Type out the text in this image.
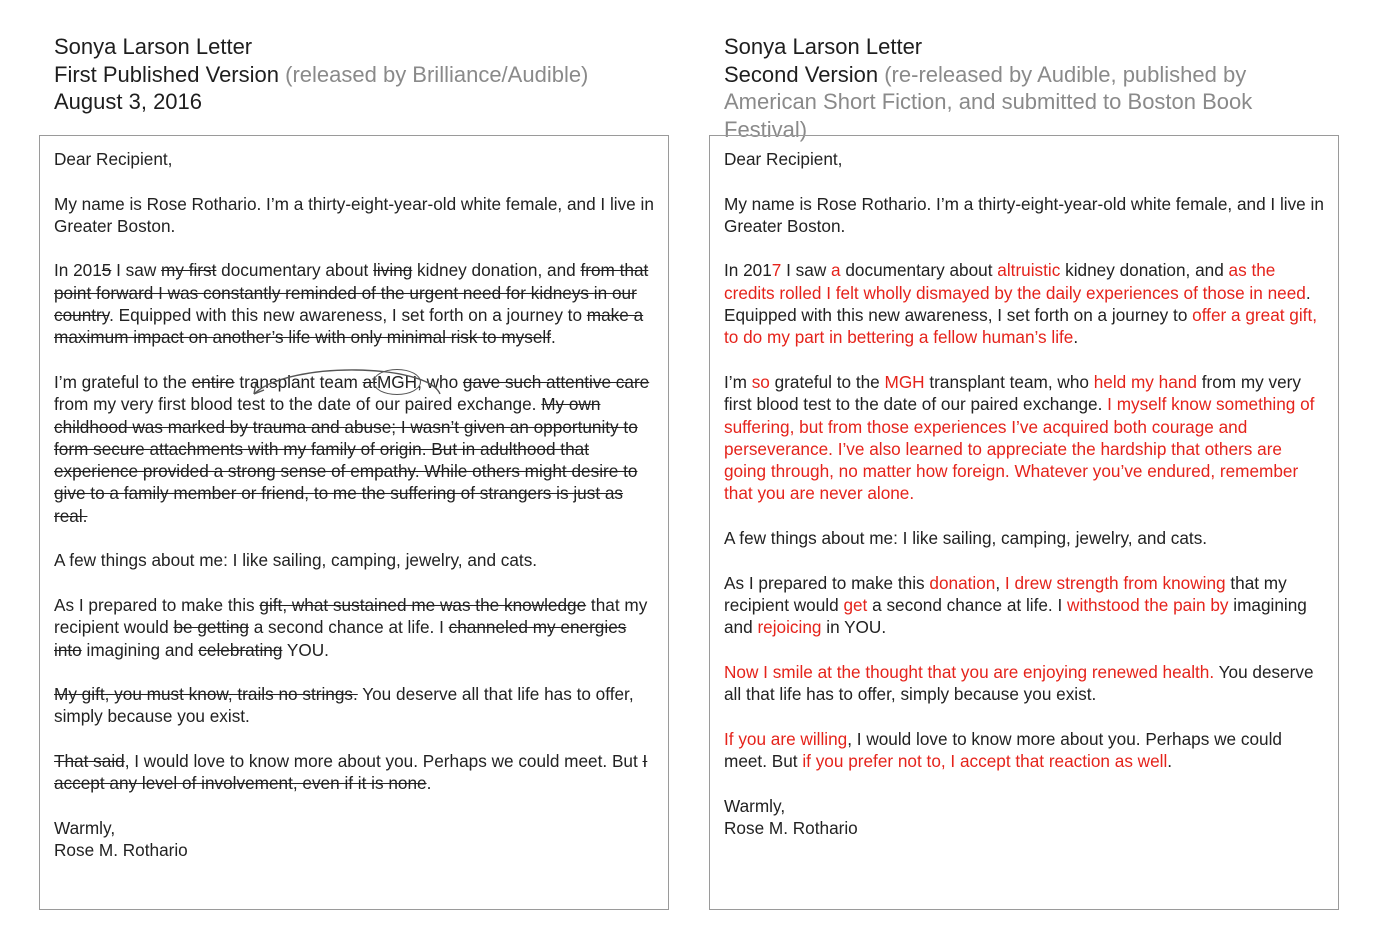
Sonya Larson Letter
First Published Version (released by Brilliance/Audible)
August 3, 2016
Sonya Larson Letter
Second Version (re-released by Audible, published by American Short Fiction, and submitted to Boston Book Festival)
Dear Recipient,
My name is Rose Rothario. I’m a thirty-eight-year-old white female, and I live in Greater Boston.
In 2015 I saw my first documentary about living kidney donation, and from that point forward I was constantly reminded of the urgent need for kidneys in our country. Equipped with this new awareness, I set forth on a journey to make a maximum impact on another’s life with only minimal risk to myself.
I’m grateful to the entire transplant team at
MGH, who gave such attentive care from my very first blood test to the date of our paired exchange. My own childhood was marked by trauma and abuse; I wasn’t given an opportunity to form secure attachments with my family of origin. But in adulthood that experience provided a strong sense of empathy. While others might desire to give to a family member or friend, to me the suffering of strangers is just as real.
A few things about me: I like sailing, camping, jewelry, and cats.
As I prepared to make this gift, what sustained me was the knowledge that my recipient would be getting a second chance at life. I channeled my energies into imagining and celebrating YOU.
My gift, you must know, trails no strings. You deserve all that life has to offer, simply because you exist.
That said, I would love to know more about you. Perhaps we could meet. But I accept any level of involvement, even if it is none.
Warmly,
Rose M. Rothario
Dear Recipient,
My name is Rose Rothario. I’m a thirty-eight-year-old white female, and I live in Greater Boston.
In 2017 I saw a documentary about altruistic kidney donation, and as the credits rolled I felt wholly dismayed by the daily experiences of those in need. Equipped with this new awareness, I set forth on a journey to offer a great gift, to do my part in bettering a fellow human’s life.
I’m so grateful to the MGH transplant team, who held my hand from my very first blood test to the date of our paired exchange. I myself know something of suffering, but from those experiences I’ve acquired both courage and perseverance. I’ve also learned to appreciate the hardship that others are going through, no matter how foreign. Whatever you’ve endured, remember that you are never alone.
A few things about me: I like sailing, camping, jewelry, and cats.
As I prepared to make this donation, I drew strength from knowing that my recipient would get a second chance at life. I withstood the pain by imagining and rejoicing in YOU.
Now I smile at the thought that you are enjoying renewed health. You deserve all that life has to offer, simply because you exist.
If you are willing, I would love to know more about you. Perhaps we could meet. But if you prefer not to, I accept that reaction as well.
Warmly,
Rose M. Rothario
